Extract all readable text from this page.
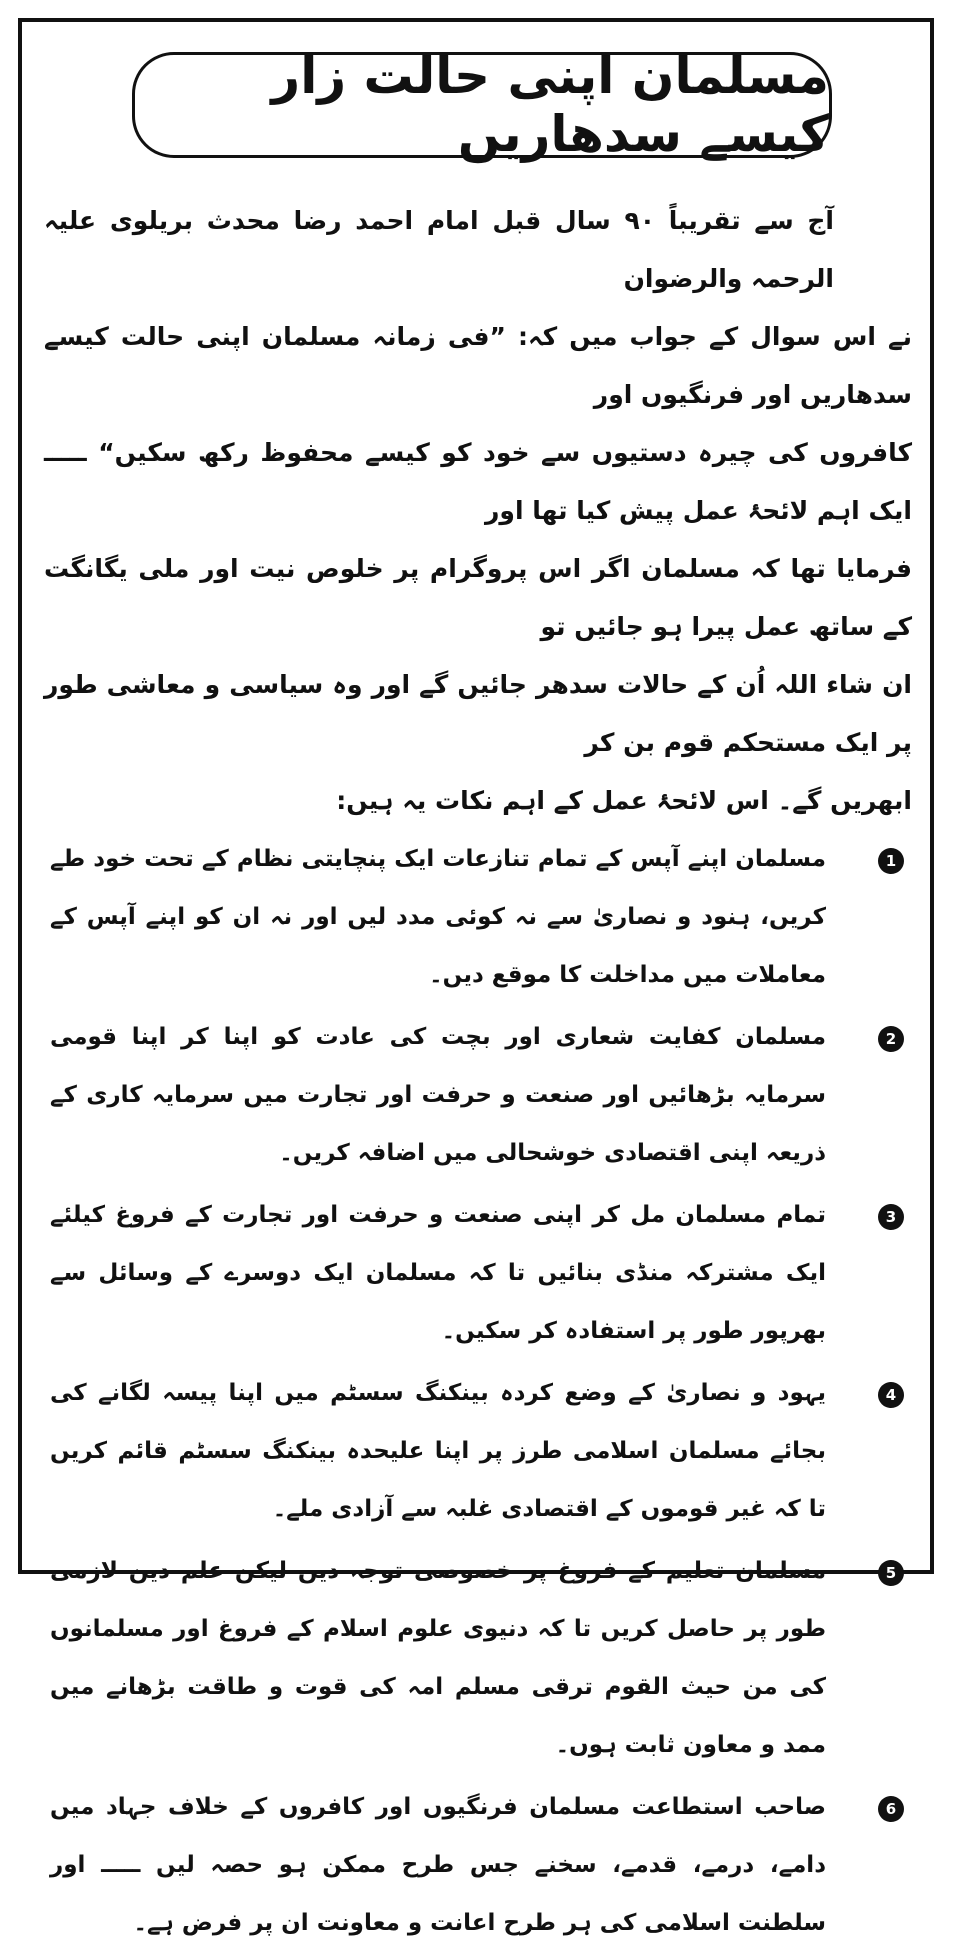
مسلمان اپنی حالت زار کیسے سدھاریں

آج سے تقریباً ۹۰ سال قبل امام احمد رضا محدث بریلوی علیہ الرحمہ والرضوان

نے اس سوال کے جواب میں کہ: ”فی زمانہ مسلمان اپنی حالت کیسے سدھاریں اور فرنگیوں اور

کافروں کی چیرہ دستیوں سے خود کو کیسے محفوظ رکھ سکیں“ ـــــ ایک اہم لائحۂ عمل پیش کیا تھا اور

فرمایا تھا کہ مسلمان اگر اس پروگرام پر خلوص نیت اور ملی یگانگت کے ساتھ عمل پیرا ہو جائیں تو

ان شاء اللہ اُن کے حالات سدھر جائیں گے اور وہ سیاسی و معاشی طور پر ایک مستحکم قوم بن کر

ابھریں گے۔ اس لائحۂ عمل کے اہم نکات یہ ہیں:

1
مسلمان اپنے آپس کے تمام تنازعات ایک پنچایتی نظام کے تحت خود طے کریں، ہنود و نصاریٰ سے نہ کوئی مدد لیں اور نہ ان کو اپنے آپس کے معاملات میں مداخلت کا موقع دیں۔
2
مسلمان کفایت شعاری اور بچت کی عادت کو اپنا کر اپنا قومی سرمایہ بڑھائیں اور صنعت و حرفت اور تجارت میں سرمایہ کاری کے ذریعہ اپنی اقتصادی خوشحالی میں اضافہ کریں۔
3
تمام مسلمان مل کر اپنی صنعت و حرفت اور تجارت کے فروغ کیلئے ایک مشترکہ منڈی بنائیں تا کہ مسلمان ایک دوسرے کے وسائل سے بھرپور طور پر استفادہ کر سکیں۔
4
یہود و نصاریٰ کے وضع کردہ بینکنگ سسٹم میں اپنا پیسہ لگانے کی بجائے مسلمان اسلامی طرز پر اپنا علیحدہ بینکنگ سسٹم قائم کریں تا کہ غیر قوموں کے اقتصادی غلبہ سے آزادی ملے۔
5
مسلمان تعلیم کے فروغ پر خصوصی توجہ دیں لیکن علم دین لازمی طور پر حاصل کریں تا کہ دنیوی علوم اسلام کے فروغ اور مسلمانوں کی من حیث القوم ترقی مسلم امہ کی قوت و طاقت بڑھانے میں ممد و معاون ثابت ہوں۔
6
صاحب استطاعت مسلمان فرنگیوں اور کافروں کے خلاف جہاد میں دامے، درمے، قدمے، سخنے جس طرح ممکن ہو حصہ لیں ـــــ اور سلطنت اسلامی کی ہر طرح اعانت و معاونت ان پر فرض ہے۔
